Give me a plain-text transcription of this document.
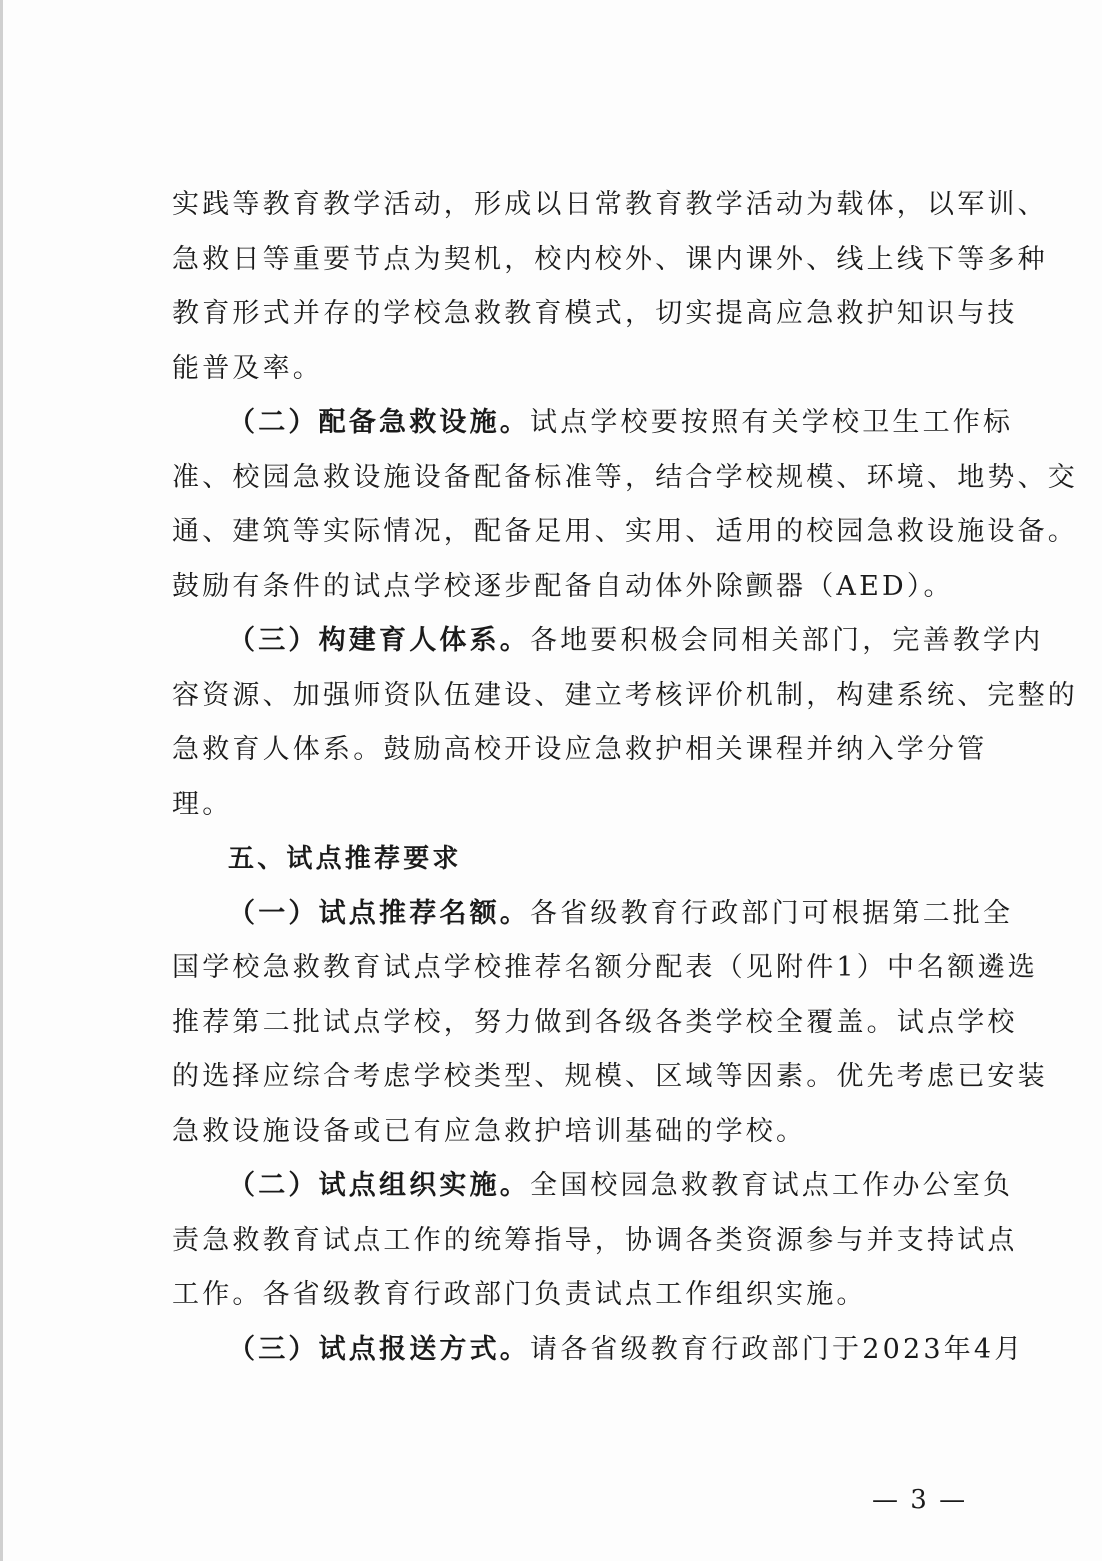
实践等教育教学活动，形成以日常教育教学活动为载体，以军训、
急救日等重要节点为契机，校内校外、课内课外、线上线下等多种
教育形式并存的学校急救教育模式，切实提高应急救护知识与技
能普及率。
（二）配备急救设施。试点学校要按照有关学校卫生工作标
准、校园急救设施设备配备标准等，结合学校规模、环境、地势、交
通、建筑等实际情况，配备足用、实用、适用的校园急救设施设备。
鼓励有条件的试点学校逐步配备自动体外除颤器（AED）。
（三）构建育人体系。各地要积极会同相关部门，完善教学内
容资源、加强师资队伍建设、建立考核评价机制，构建系统、完整的
急救育人体系。鼓励高校开设应急救护相关课程并纳入学分管
理。
五、试点推荐要求
（一）试点推荐名额。各省级教育行政部门可根据第二批全
国学校急救教育试点学校推荐名额分配表（见附件1）中名额遴选
推荐第二批试点学校，努力做到各级各类学校全覆盖。试点学校
的选择应综合考虑学校类型、规模、区域等因素。优先考虑已安装
急救设施设备或已有应急救护培训基础的学校。
（二）试点组织实施。全国校园急救教育试点工作办公室负
责急救教育试点工作的统筹指导，协调各类资源参与并支持试点
工作。各省级教育行政部门负责试点工作组织实施。
（三）试点报送方式。请各省级教育行政部门于2023年4月
— 3 —
